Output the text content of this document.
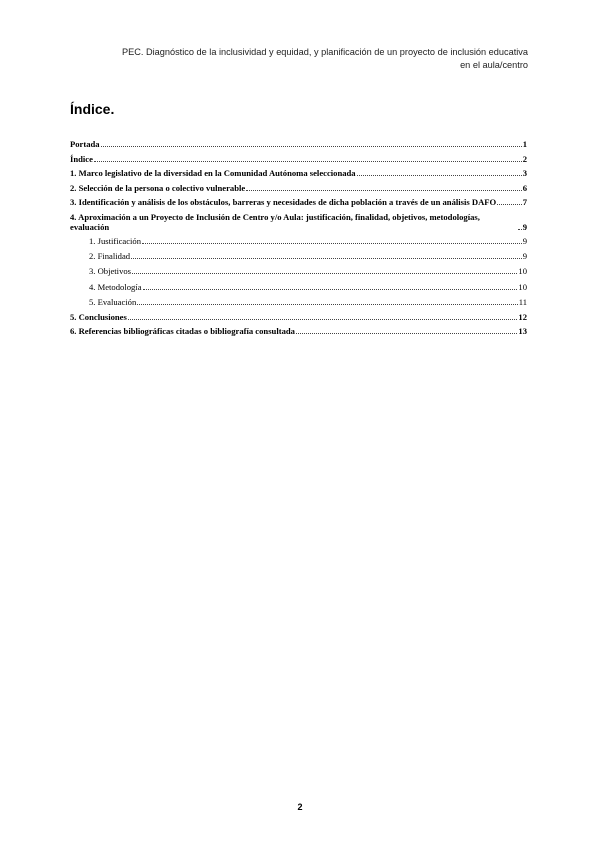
PEC. Diagnóstico de la inclusividad y equidad, y planificación de un proyecto de inclusión educativa
en el aula/centro
Índice.
Portada	1
Índice	2
1. Marco legislativo de la diversidad en la Comunidad Autónoma seleccionada	3
2. Selección de la persona o colectivo vulnerable	6
3. Identificación y análisis de los obstáculos, barreras y necesidades de dicha población a través de un análisis DAFO	7
4. Aproximación a un Proyecto de Inclusión de Centro y/o Aula: justificación, finalidad, objetivos, metodologías, evaluación	9
1. Justificación	9
2. Finalidad	9
3. Objetivos	10
4. Metodología	10
5. Evaluación	11
5. Conclusiones	12
6. Referencias bibliográficas citadas o bibliografía consultada	13
2
